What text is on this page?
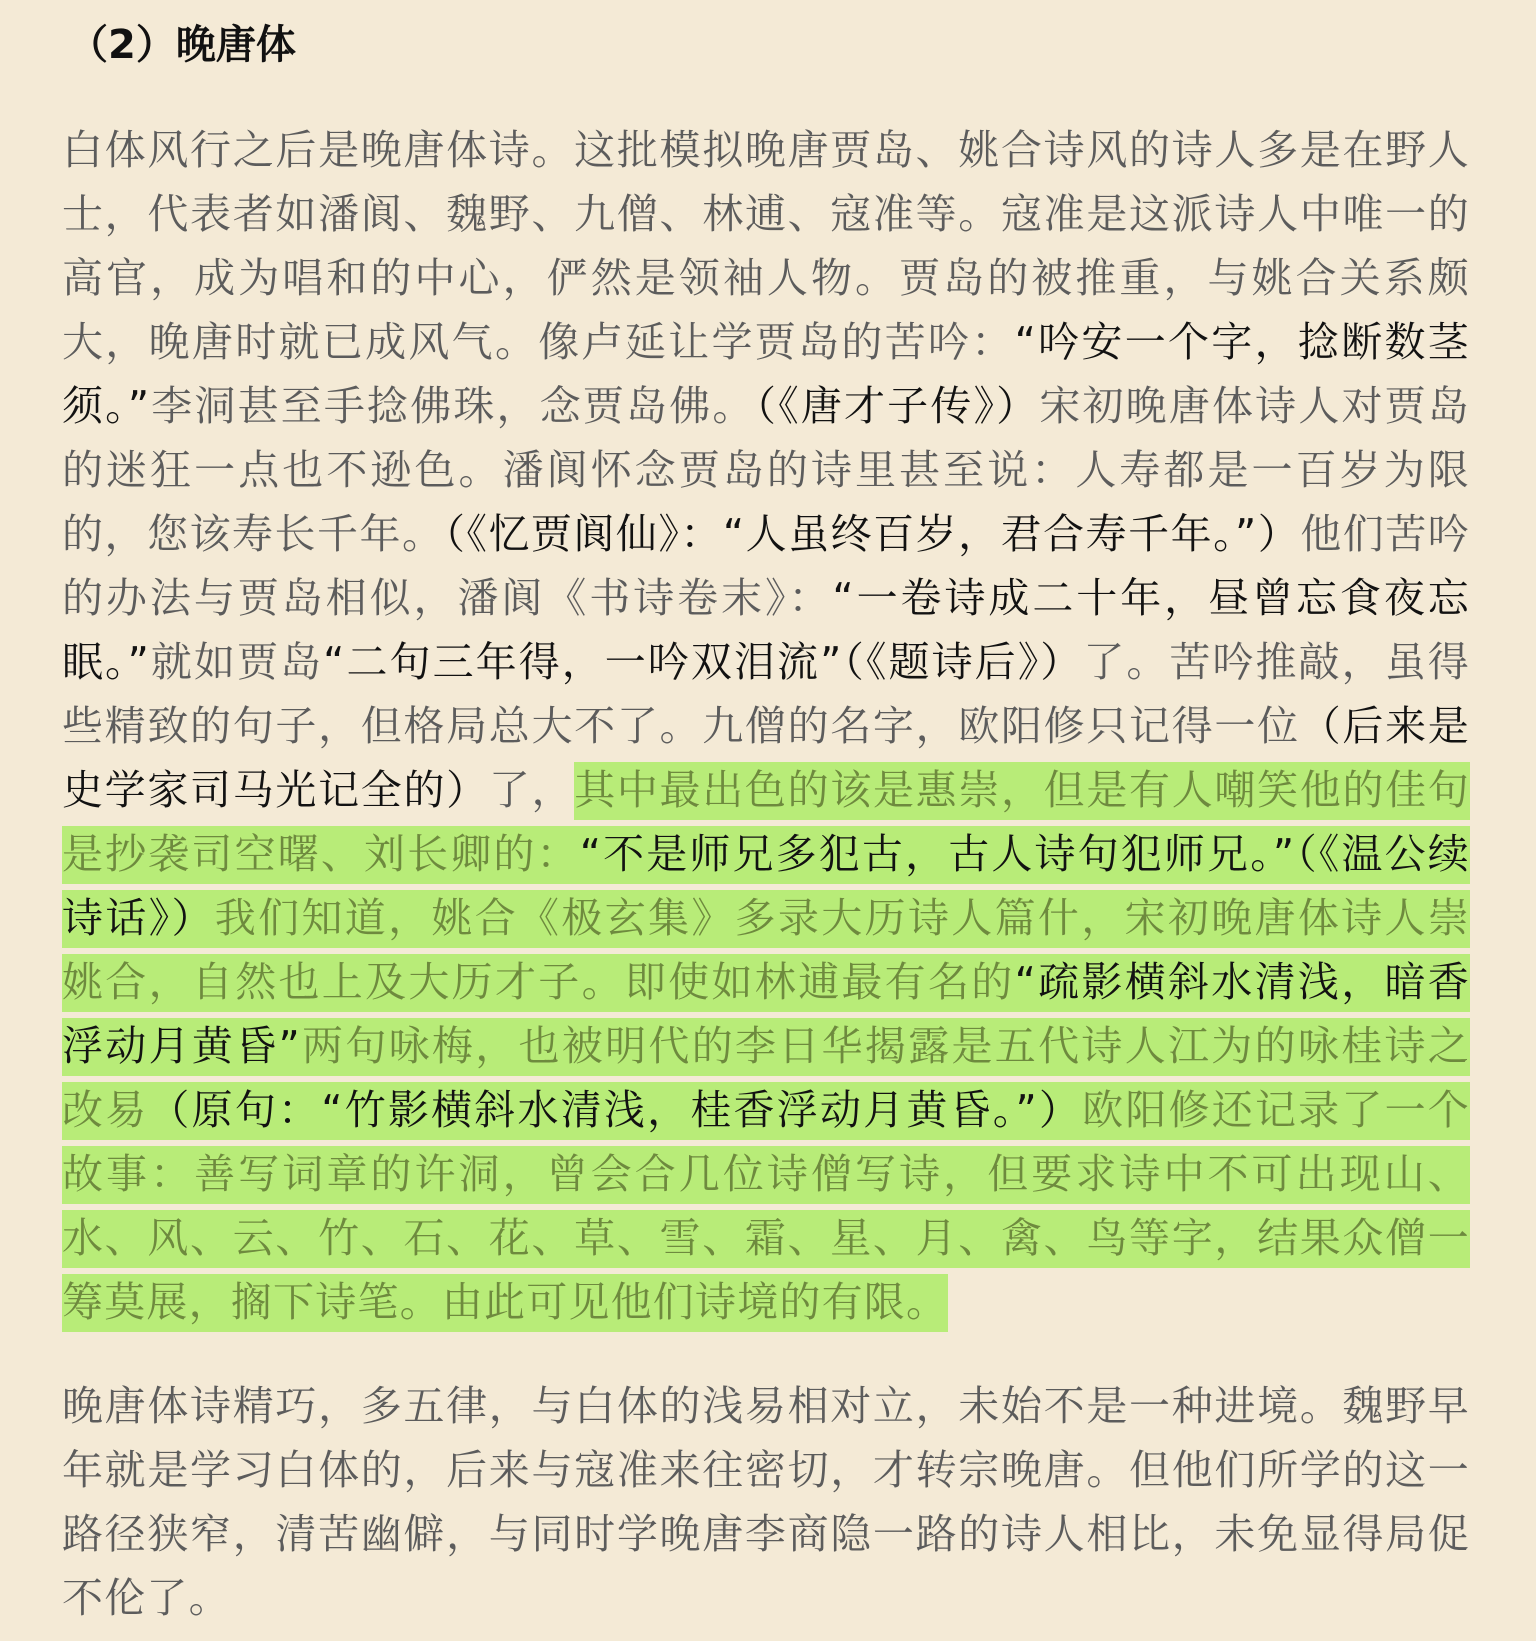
（2）晚唐体

白体风行之后是晚唐体诗。这批模拟晚唐贾岛、姚合诗风的诗人多是在野人士，代表者如潘阆、魏野、九僧、林逋、寇准等。寇准是这派诗人中唯一的高官，成为唱和的中心，俨然是领袖人物。贾岛的被推重，与姚合关系颇大，晚唐时就已成风气。像卢延让学贾岛的苦吟：“吟安一个字，捻断数茎须。”李洞甚至手捻佛珠，念贾岛佛。（《唐才子传》）宋初晚唐体诗人对贾岛的迷狂一点也不逊色。潘阆怀念贾岛的诗里甚至说：人寿都是一百岁为限的，您该寿长千年。（《忆贾阆仙》：“人虽终百岁，君合寿千年。”）他们苦吟的办法与贾岛相似，潘阆《书诗卷末》：“一卷诗成二十年，昼曾忘食夜忘眠。”就如贾岛“二句三年得，一吟双泪流”（《题诗后》）了。苦吟推敲，虽得些精致的句子，但格局总大不了。九僧的名字，欧阳修只记得一位（后来是史学家司马光记全的）了，其中最出色的该是惠崇，但是有人嘲笑他的佳句是抄袭司空曙、刘长卿的：“不是师兄多犯古，古人诗句犯师兄。”（《温公续诗话》）我们知道，姚合《极玄集》多录大历诗人篇什，宋初晚唐体诗人崇姚合，自然也上及大历才子。即使如林逋最有名的“疏影横斜水清浅，暗香浮动月黄昏”两句咏梅，也被明代的李日华揭露是五代诗人江为的咏桂诗之改易（原句：“竹影横斜水清浅，桂香浮动月黄昏。”）欧阳修还记录了一个故事：善写词章的许洞，曾会合几位诗僧写诗，但要求诗中不可出现山、水、风、云、竹、石、花、草、雪、霜、星、月、禽、鸟等字，结果众僧一筹莫展，搁下诗笔。由此可见他们诗境的有限。

晚唐体诗精巧，多五律，与白体的浅易相对立，未始不是一种进境。魏野早年就是学习白体的，后来与寇准来往密切，才转宗晚唐。但他们所学的这一路径狭窄，清苦幽僻，与同时学晚唐李商隐一路的诗人相比，未免显得局促不伦了。
